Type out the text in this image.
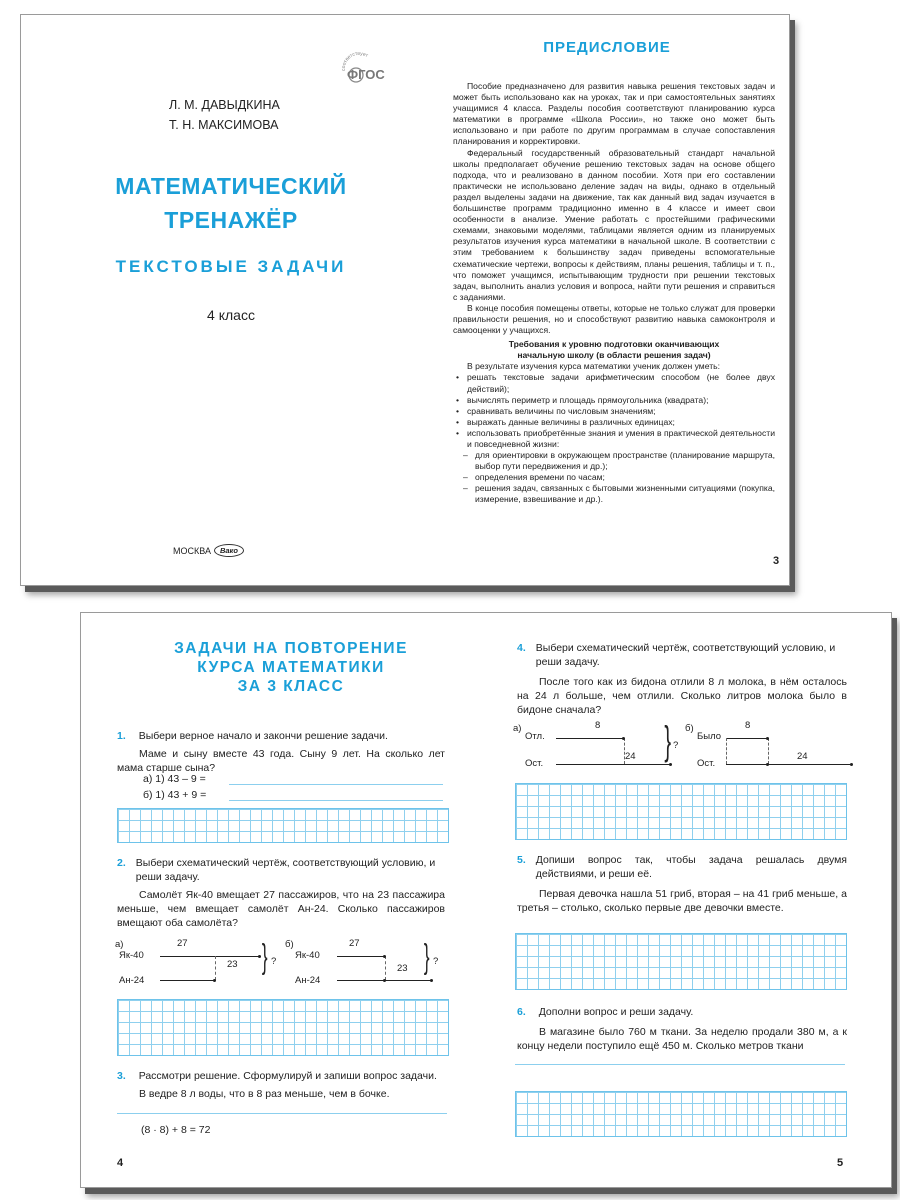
соответствует
ФГОС
Л. М. ДАВЫДКИНА
Т. Н. МАКСИМОВА
МАТЕМАТИЧЕСКИЙ
ТРЕНАЖЁР
ТЕКСТОВЫЕ ЗАДАЧИ
4 класс
МОСКВА	Вако
ПРЕДИСЛОВИЕ

Пособие предназначено для развития навыка решения текстовых задач и может быть использовано как на уроках, так и при самостоятельных занятиях учащимися 4 класса. Разделы пособия соответствуют планированию курса математики в программе «Школа России», но также оно может быть использовано и при работе по другим программам в случае сопоставления планирования и корректировки.

Федеральный государственный образовательный стандарт начальной школы предполагает обучение решению текстовых задач на основе общего подхода, что и реализовано в данном пособии. Хотя при его составлении практически не использовано деление задач на виды, однако в отдельный раздел выделены задачи на движение, так как данный вид задач изучается в большинстве программ традиционно именно в 4 классе и имеет свои особенности в анализе. Умение работать с простейшими графическими схемами, знаковыми моделями, таблицами является одним из планируемых результатов изучения курса математики в начальной школе. В соответствии с этим требованием к большинству задач приведены вспомогательные схематические чертежи, вопросы к действиям, планы решения, таблицы и т. п., что поможет учащимся, испытывающим трудности при решении текстовых задач, выполнить анализ условия и вопроса, найти пути решения и справиться с заданиями.

В конце пособия помещены ответы, которые не только служат для проверки правильности решения, но и способствуют развитию навыка самоконтроля и самооценки у учащихся.

Требования к уровню подготовки оканчивающих
начальную школу (в области решения задач)

В результате изучения курса математики ученик должен уметь:

• решать текстовые задачи арифметическим способом (не более двух действий);
• вычислять периметр и площадь прямоугольника (квадрата);
• сравнивать величины по числовым значениям;
• выражать данные величины в различных единицах;
• использовать приобретённые знания и умения в практической деятельности и повседневной жизни:
– для ориентировки в окружающем пространстве (планирование маршрута, выбор пути передвижения и др.);
– определения времени по часам;
– решения задач, связанных с бытовыми жизненными ситуациями (покупка, измерение, взвешивание и др.).
3
ЗАДАЧИ НА ПОВТОРЕНИЕ
КУРСА МАТЕМАТИКИ
ЗА 3 КЛАСС
1. Выбери верное начало и закончи решение задачи.
Маме и сыну вместе 43 года. Сыну 9 лет. На сколько лет мама старше сына?
а) 1) 43 – 9 =
б) 1) 43 + 9 =
2. Выбери схематический чертёж, соответствующий условию, и реши задачу.
Самолёт Як-40 вмещает 27 пассажиров, что на 23 пассажира меньше, чем вмещает самолёт Ан-24. Сколько пассажиров вмещают оба самолёта?
а)
Як-40
Ан-24
27
23 } ?
б)
Як-40
Ан-24
27
23 } ?
3. Рассмотри решение. Сформулируй и запиши вопрос задачи.
В ведре 8 л воды, что в 8 раз меньше, чем в бочке.
(8 · 8) + 8 = 72
4
4. Выбери схематический чертёж, соответствующий условию, и реши задачу.
После того как из бидона отлили 8 л молока, в нём осталось на 24 л больше, чем отлили. Сколько литров молока было в бидоне сначала?
а)
Отл.
Ост.
8
24 } ?
б)
Было
Ост.
8
24
5. Допиши вопрос так, чтобы задача решалась двумя действиями, и реши её.
Первая девочка нашла 51 гриб, вторая – на 41 гриб меньше, а третья – столько, сколько первые две девочки вместе.
6. Дополни вопрос и реши задачу.
В магазине было 760 м ткани. За неделю продали 380 м, а к концу недели поступило ещё 450 м. Сколько метров ткани
5
